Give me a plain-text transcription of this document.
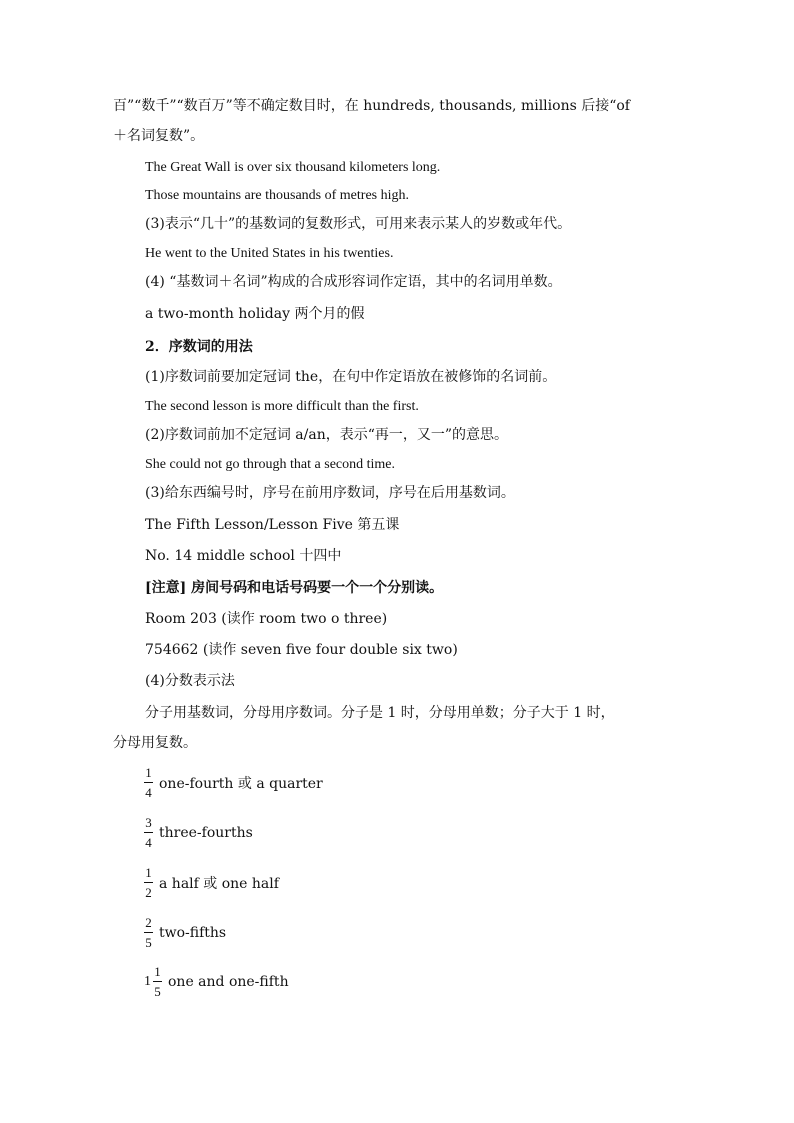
百”“数千”“数百万”等不确定数目时，在 hundreds, thousands, millions 后接“of
＋名词复数”。
The Great Wall is over six thousand kilometers long.
Those mountains are thousands of metres high.
(3)表示“几十”的基数词的复数形式，可用来表示某人的岁数或年代。
He went to the United States in his twenties.
(4) “基数词＋名词”构成的合成形容词作定语，其中的名词用单数。
a two-month holiday 两个月的假
2．序数词的用法
(1)序数词前要加定冠词 the，在句中作定语放在被修饰的名词前。
The second lesson is more difficult than the first.
(2)序数词前加不定冠词 a/an，表示“再一，又一”的意思。
She could not go through that a second time.
(3)给东西编号时，序号在前用序数词，序号在后用基数词。
The Fifth Lesson/Lesson Five 第五课
No. 14 middle school 十四中
[注意] 房间号码和电话号码要一个一个分别读。
Room 203 (读作 room two o three)
754662 (读作 seven five four double six two)
(4)分数表示法
分子用基数词，分母用序数词。分子是 1 时，分母用单数；分子大于 1 时，
分母用复数。
1
4
one-fourth 或 a quarter
3
4
three-fourths
1
2
a half 或 one half
2
5
two-fifths
1
1
5
one and one-fifth
